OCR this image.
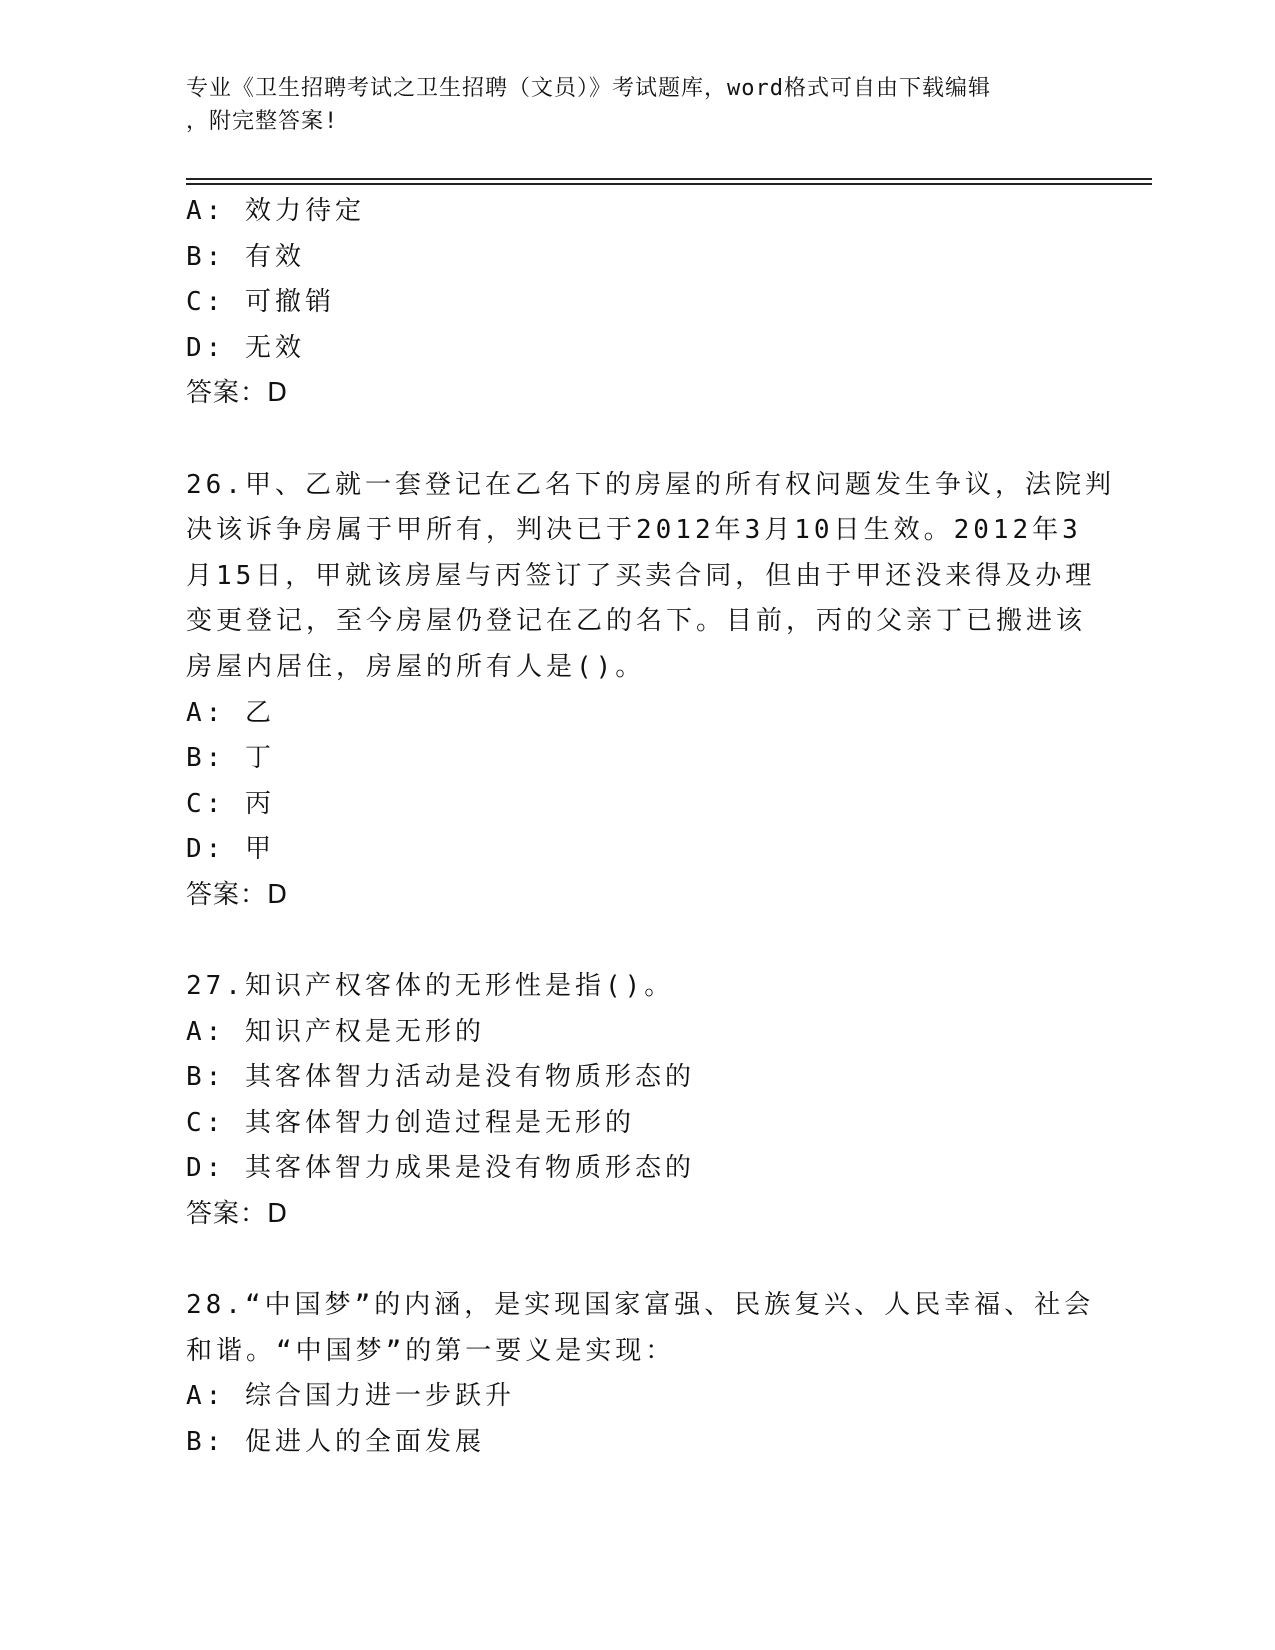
专业《卫生招聘考试之卫生招聘（文员）》考试题库，word格式可自由下载编辑
，附完整答案!
A: 效力待定
B: 有效
C: 可撤销
D: 无效
答案：D
26.甲、乙就一套登记在乙名下的房屋的所有权问题发生争议，法院判
决该诉争房属于甲所有，判决已于2012年3月10日生效。2012年3
月15日，甲就该房屋与丙签订了买卖合同，但由于甲还没来得及办理
变更登记，至今房屋仍登记在乙的名下。目前，丙的父亲丁已搬进该
房屋内居住，房屋的所有人是()。
A: 乙
B: 丁
C: 丙
D: 甲
答案：D
27.知识产权客体的无形性是指()。
A: 知识产权是无形的
B: 其客体智力活动是没有物质形态的
C: 其客体智力创造过程是无形的
D: 其客体智力成果是没有物质形态的
答案：D
28.“中国梦”的内涵，是实现国家富强、民族复兴、人民幸福、社会
和谐。“中国梦”的第一要义是实现：
A: 综合国力进一步跃升
B: 促进人的全面发展
